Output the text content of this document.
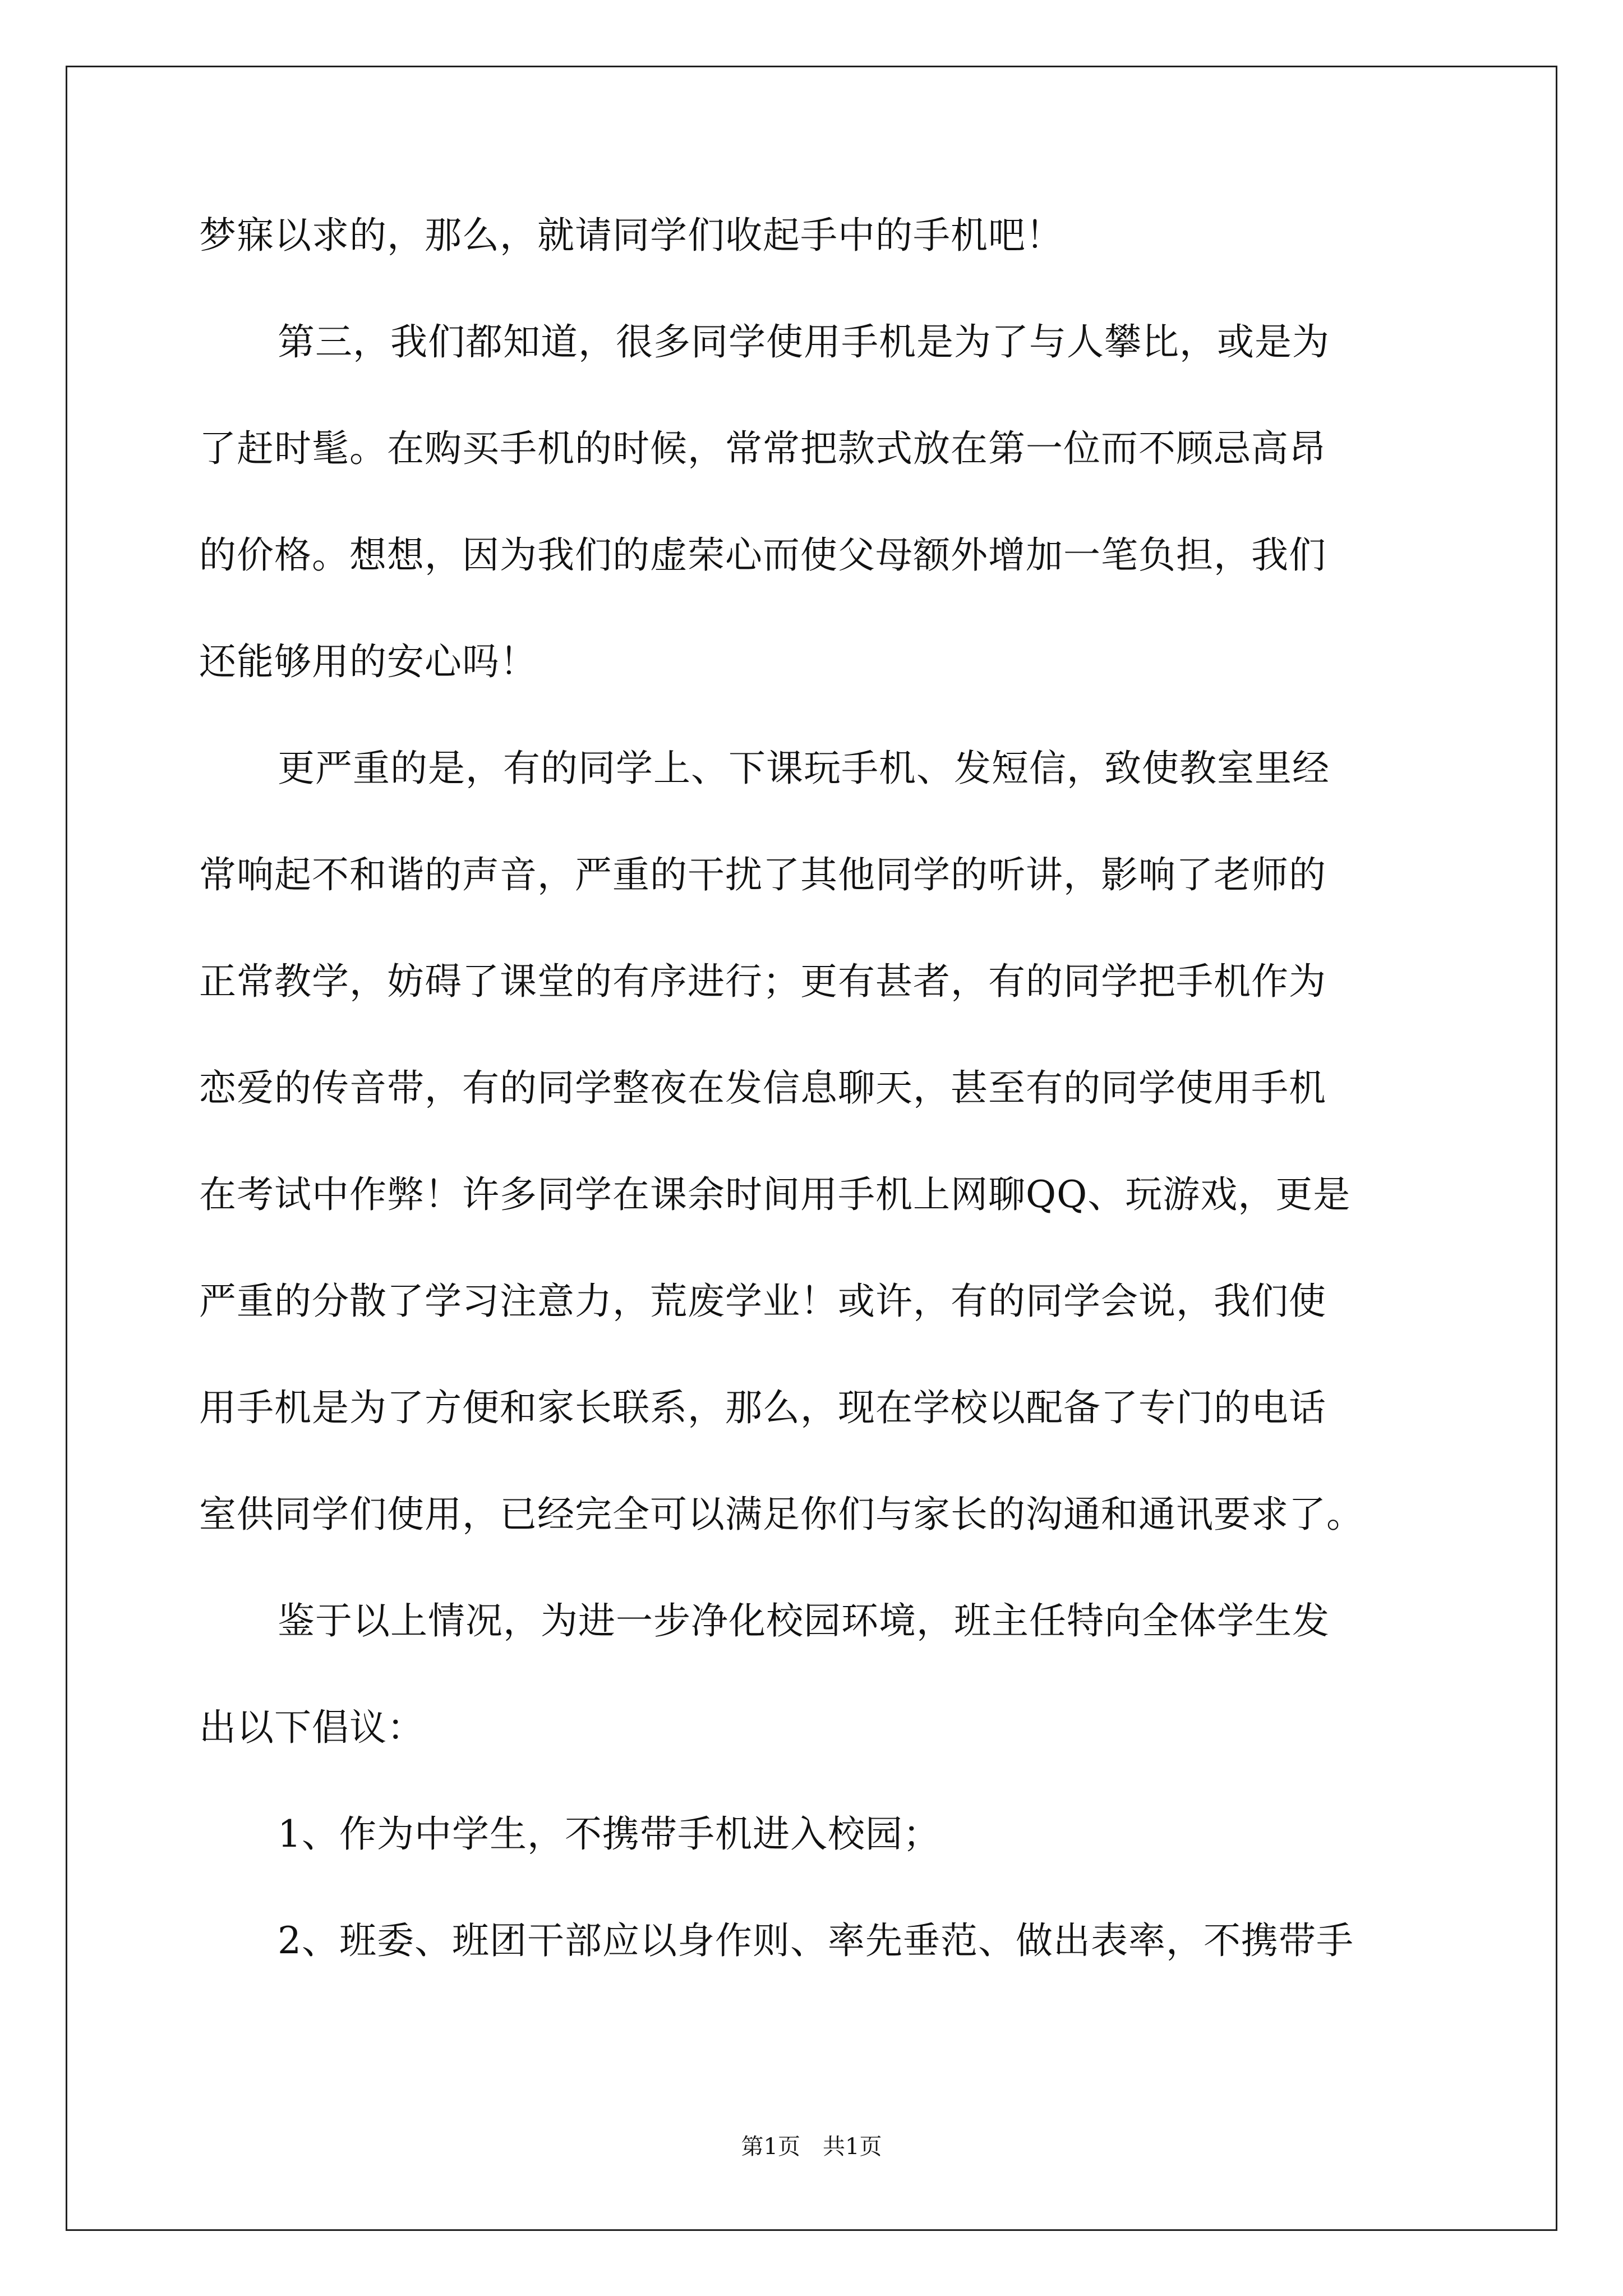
梦寐以求的，那么，就请同学们收起手中的手机吧！
第三，我们都知道，很多同学使用手机是为了与人攀比，或是为
了赶时髦。在购买手机的时候，常常把款式放在第一位而不顾忌高昂
的价格。想想，因为我们的虚荣心而使父母额外增加一笔负担，我们
还能够用的安心吗！
更严重的是，有的同学上、下课玩手机、发短信，致使教室里经
常响起不和谐的声音，严重的干扰了其他同学的听讲，影响了老师的
正常教学，妨碍了课堂的有序进行；更有甚者，有的同学把手机作为
恋爱的传音带，有的同学整夜在发信息聊天，甚至有的同学使用手机
在考试中作弊！许多同学在课余时间用手机上网聊QQ、玩游戏，更是
严重的分散了学习注意力，荒废学业！或许，有的同学会说，我们使
用手机是为了方便和家长联系，那么，现在学校以配备了专门的电话
室供同学们使用，已经完全可以满足你们与家长的沟通和通讯要求了。
鉴于以上情况，为进一步净化校园环境，班主任特向全体学生发
出以下倡议：
1、作为中学生，不携带手机进入校园；
2、班委、班团干部应以身作则、率先垂范、做出表率，不携带手
第1页 共1页
